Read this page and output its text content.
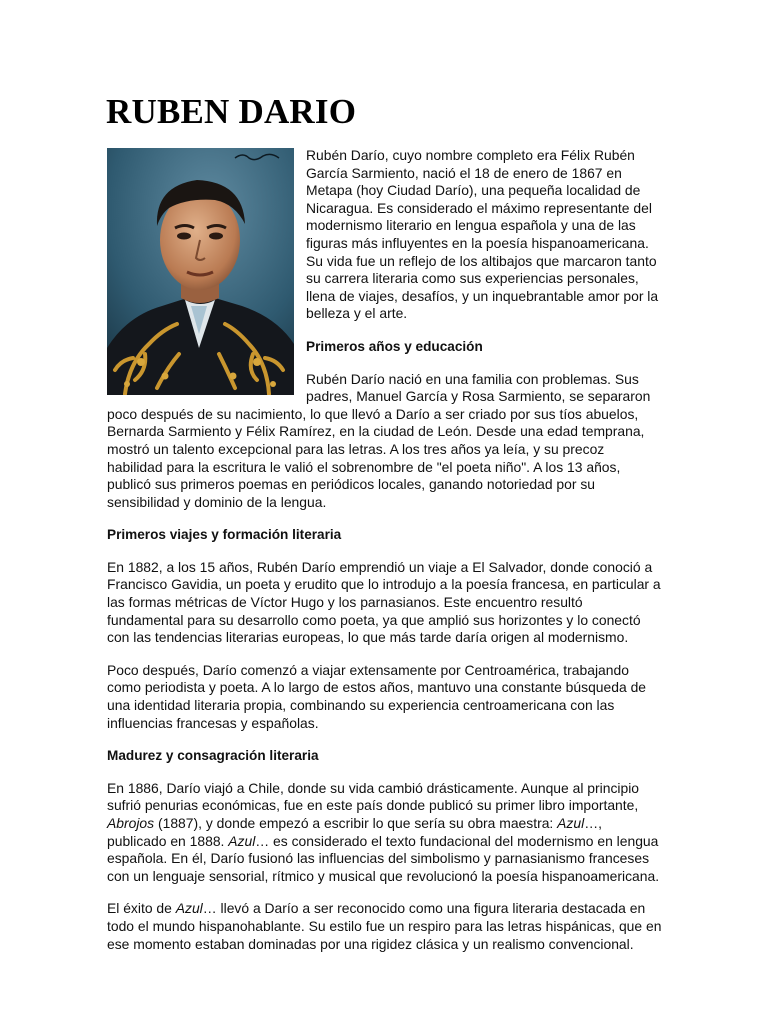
RUBEN DARIO

Rubén Darío, cuyo nombre completo era Félix Rubén García Sarmiento, nació el 18 de enero de 1867 en Metapa (hoy Ciudad Darío), una pequeña localidad de Nicaragua. Es considerado el máximo representante del modernismo literario en lengua española y una de las figuras más influyentes en la poesía hispanoamericana. Su vida fue un reflejo de los altibajos que marcaron tanto su carrera literaria como sus experiencias personales, llena de viajes, desafíos, y un inquebrantable amor por la belleza y el arte.

Primeros años y educación

Rubén Darío nació en una familia con problemas. Sus padres, Manuel García y Rosa Sarmiento, se separaron poco después de su nacimiento, lo que llevó a Darío a ser criado por sus tíos abuelos, Bernarda Sarmiento y Félix Ramírez, en la ciudad de León. Desde una edad temprana, mostró un talento excepcional para las letras. A los tres años ya leía, y su precoz habilidad para la escritura le valió el sobrenombre de "el poeta niño". A los 13 años, publicó sus primeros poemas en periódicos locales, ganando notoriedad por su sensibilidad y dominio de la lengua.

Primeros viajes y formación literaria

En 1882, a los 15 años, Rubén Darío emprendió un viaje a El Salvador, donde conoció a Francisco Gavidia, un poeta y erudito que lo introdujo a la poesía francesa, en particular a las formas métricas de Víctor Hugo y los parnasianos. Este encuentro resultó fundamental para su desarrollo como poeta, ya que amplió sus horizontes y lo conectó con las tendencias literarias europeas, lo que más tarde daría origen al modernismo.

Poco después, Darío comenzó a viajar extensamente por Centroamérica, trabajando como periodista y poeta. A lo largo de estos años, mantuvo una constante búsqueda de una identidad literaria propia, combinando su experiencia centroamericana con las influencias francesas y españolas.

Madurez y consagración literaria

En 1886, Darío viajó a Chile, donde su vida cambió drásticamente. Aunque al principio sufrió penurias económicas, fue en este país donde publicó su primer libro importante, Abrojos (1887), y donde empezó a escribir lo que sería su obra maestra: Azul…, publicado en 1888. Azul… es considerado el texto fundacional del modernismo en lengua española. En él, Darío fusionó las influencias del simbolismo y parnasianismo franceses con un lenguaje sensorial, rítmico y musical que revolucionó la poesía hispanoamericana.

El éxito de Azul… llevó a Darío a ser reconocido como una figura literaria destacada en todo el mundo hispanohablante. Su estilo fue un respiro para las letras hispánicas, que en ese momento estaban dominadas por una rigidez clásica y un realismo convencional.
